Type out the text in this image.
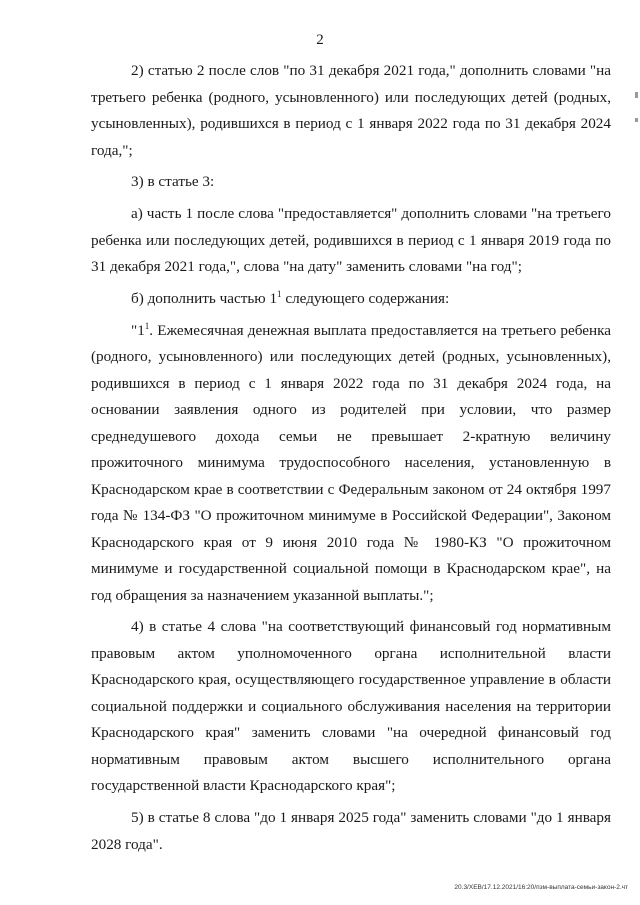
2

2) статью 2 после слов "по 31 декабря 2021 года," дополнить словами "на третьего ребенка (родного, усыновленного) или последующих детей (родных, усыновленных), родившихся в период с 1 января 2022 года по 31 декабря 2024 года,";

3) в статье 3:

а) часть 1 после слова "предоставляется" дополнить словами "на третьего ребенка или последующих детей, родившихся в период с 1 января 2019 года по 31 декабря 2021 года,", слова "на дату" заменить словами "на год";

б) дополнить частью $1^1$ следующего содержания:

"$1^1$. Ежемесячная денежная выплата предоставляется на третьего ребенка (родного, усыновленного) или последующих детей (родных, усыновленных), родившихся в период с 1 января 2022 года по 31 декабря 2024 года, на основании заявления одного из родителей при условии, что размер среднедушевого дохода семьи не превышает 2-кратную величину прожиточного минимума трудоспособного населения, установленную в Краснодарском крае в соответствии с Федеральным законом от 24 октября 1997 года № 134-ФЗ "О прожиточном минимуме в Российской Федерации", Законом Краснодарского края от 9 июня 2010 года № 1980-КЗ "О прожиточном минимуме и государственной социальной помощи в Краснодарском крае", на год обращения за назначением указанной выплаты.";

4) в статье 4 слова "на соответствующий финансовый год нормативным правовым актом уполномоченного органа исполнительной власти Краснодарского края, осуществляющего государственное управление в области социальной поддержки и социального обслуживания населения на территории Краснодарского края" заменить словами "на очередной финансовый год нормативным правовым актом высшего исполнительного органа государственной власти Краснодарского края";

5) в статье 8 слова "до 1 января 2025 года" заменить словами "до 1 января 2028 года".

20.3/ХЕВ/17.12.2021/16:20/пзм-выплата-семьи-закон-2.чт
